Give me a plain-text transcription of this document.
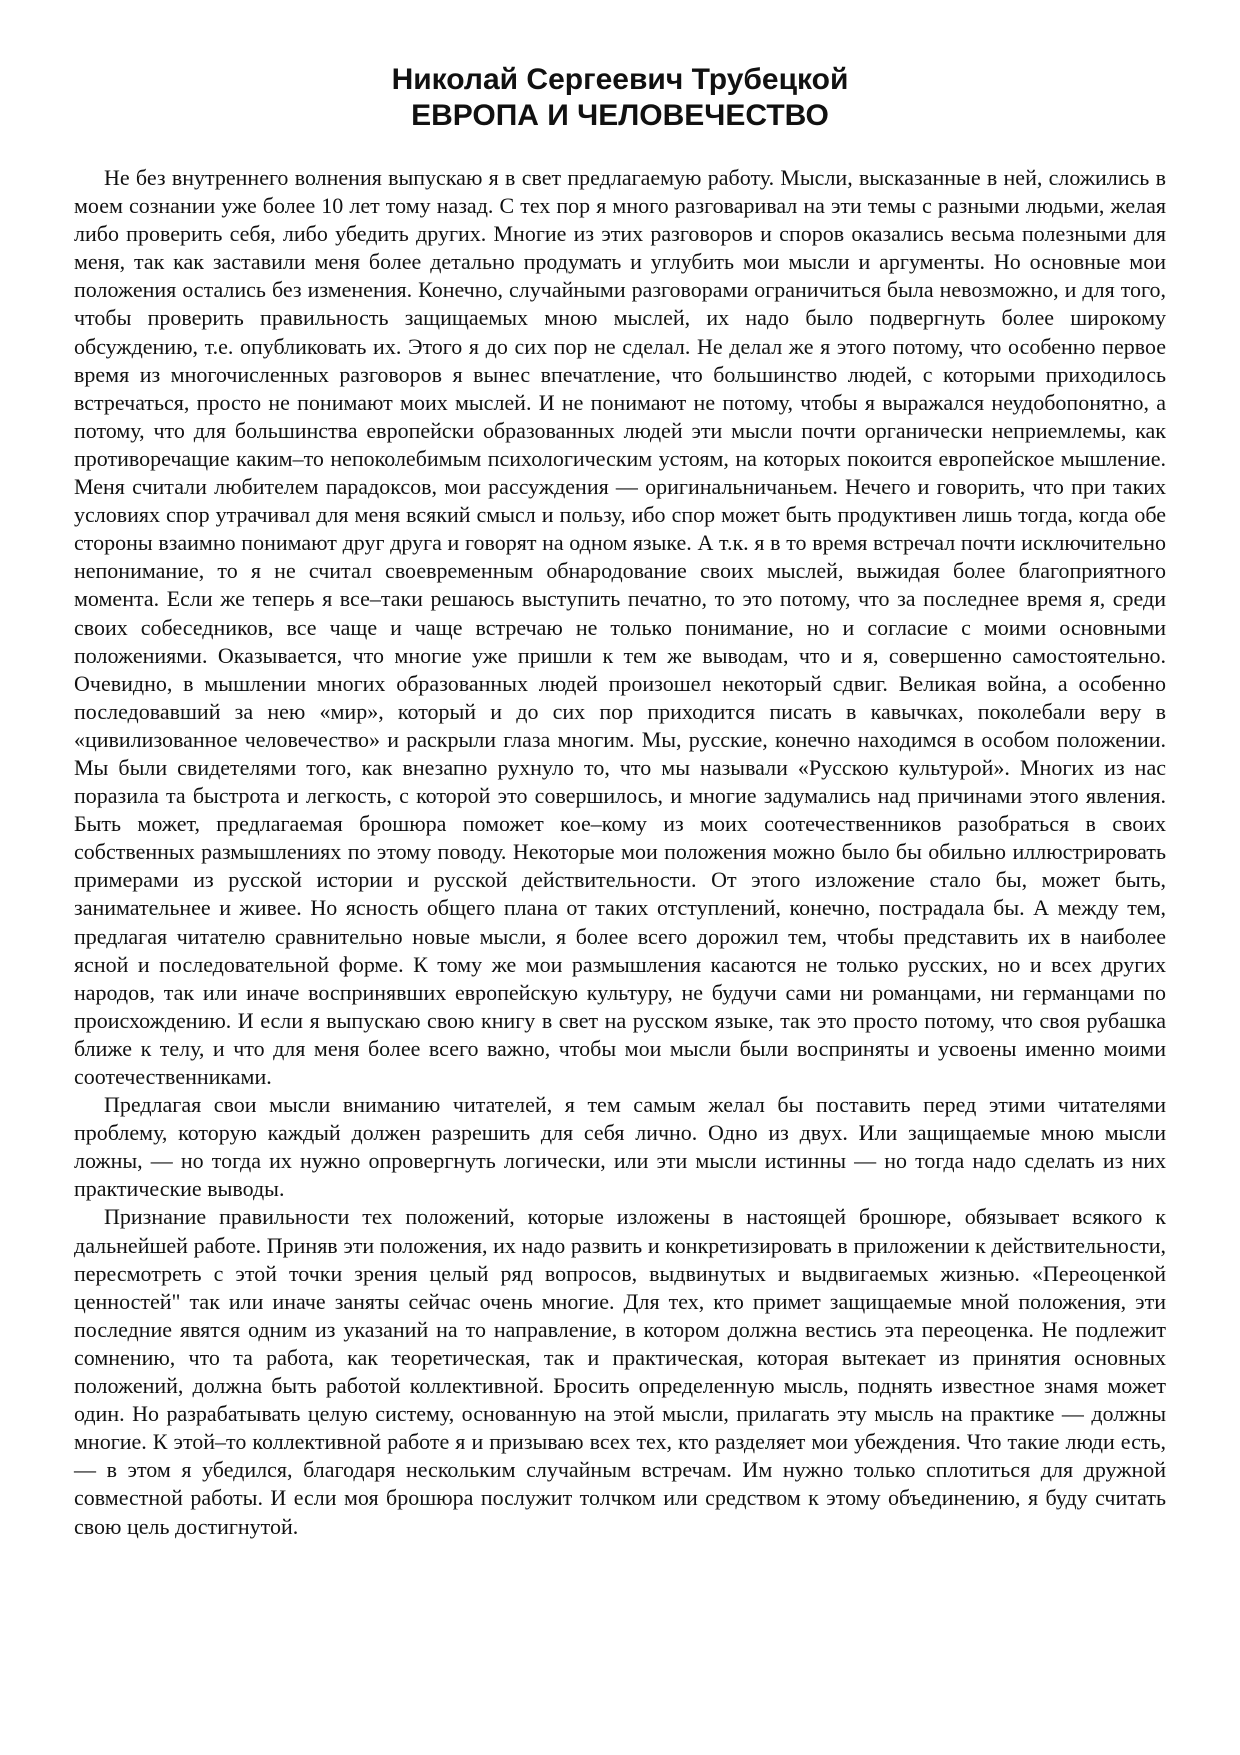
Николай Сергеевич Трубецкой
ЕВРОПА И ЧЕЛОВЕЧЕСТВО

Не без внутреннего волнения выпускаю я в свет предлагаемую работу. Мысли, высказанные в ней, сложились в моем сознании уже более 10 лет тому назад. С тех пор я много разговаривал на эти темы с разными людьми, желая либо проверить себя, либо убедить других. Многие из этих разговоров и споров оказались весьма полезными для меня, так как заставили меня более детально продумать и углубить мои мысли и аргументы. Но основные мои положения остались без изменения. Конечно, случайными разговорами ограничиться была невозможно, и для того, чтобы проверить правильность защищаемых мною мыслей, их надо было подвергнуть более широкому обсуждению, т.е. опубликовать их. Этого я до сих пор не сделал. Не делал же я этого потому, что особенно первое время из многочисленных разговоров я вынес впечатление, что большинство людей, с которыми приходилось встречаться, просто не понимают моих мыслей. И не понимают не потому, чтобы я выражался неудобопонятно, а потому, что для большинства европейски образованных людей эти мысли почти органически неприемлемы, как противоречащие каким–то непоколебимым психологическим устоям, на которых покоится европейское мышление. Меня считали любителем парадоксов, мои рассуждения — оригинальничаньем. Нечего и говорить, что при таких условиях спор утрачивал для меня всякий смысл и пользу, ибо спор может быть продуктивен лишь тогда, когда обе стороны взаимно понимают друг друга и говорят на одном языке. А т.к. я в то время встречал почти исключительно непонимание, то я не считал своевременным обнародование своих мыслей, выжидая более благоприятного момента. Если же теперь я все–таки решаюсь выступить печатно, то это потому, что за последнее время я, среди своих собеседников, все чаще и чаще встречаю не только понимание, но и согласие с моими основными положениями. Оказывается, что многие уже пришли к тем же выводам, что и я, совершенно самостоятельно. Очевидно, в мышлении многих образованных людей произошел некоторый сдвиг. Великая война, а особенно последовавший за нею «мир», который и до сих пор приходится писать в кавычках, поколебали веру в «цивилизованное человечество» и раскрыли глаза многим. Мы, русские, конечно находимся в особом положении. Мы были свидетелями того, как внезапно рухнуло то, что мы называли «Русскою культурой». Многих из нас поразила та быстрота и легкость, с которой это совершилось, и многие задумались над причинами этого явления. Быть может, предлагаемая брошюра поможет кое–кому из моих соотечественников разобраться в своих собственных размышлениях по этому поводу. Некоторые мои положения можно было бы обильно иллюстрировать примерами из русской истории и русской действительности. От этого изложение стало бы, может быть, занимательнее и живее. Но ясность общего плана от таких отступлений, конечно, пострадала бы. А между тем, предлагая читателю сравнительно новые мысли, я более всего дорожил тем, чтобы представить их в наиболее ясной и последовательной форме. К тому же мои размышления касаются не только русских, но и всех других народов, так или иначе воспринявших европейскую культуру, не будучи сами ни романцами, ни германцами по происхождению. И если я выпускаю свою книгу в свет на русском языке, так это просто потому, что своя рубашка ближе к телу, и что для меня более всего важно, чтобы мои мысли были восприняты и усвоены именно моими соотечественниками.

Предлагая свои мысли вниманию читателей, я тем самым желал бы поставить перед этими читателями проблему, которую каждый должен разрешить для себя лично. Одно из двух. Или защищаемые мною мысли ложны, — но тогда их нужно опровергнуть логически, или эти мысли истинны — но тогда надо сделать из них практические выводы.

Признание правильности тех положений, которые изложены в настоящей брошюре, обязывает всякого к дальнейшей работе. Приняв эти положения, их надо развить и конкретизировать в приложении к действительности, пересмотреть с этой точки зрения целый ряд вопросов, выдвинутых и выдвигаемых жизнью. «Переоценкой ценностей" так или иначе заняты сейчас очень многие. Для тех, кто примет защищаемые мной положения, эти последние явятся одним из указаний на то направление, в котором должна вестись эта переоценка. Не подлежит сомнению, что та работа, как теоретическая, так и практическая, которая вытекает из принятия основных положений, должна быть работой коллективной. Бросить определенную мысль, поднять известное знамя может один. Но разрабатывать целую систему, основанную на этой мысли, прилагать эту мысль на практике — должны многие. К этой–то коллективной работе я и призываю всех тех, кто разделяет мои убеждения. Что такие люди есть, — в этом я убедился, благодаря нескольким случайным встречам. Им нужно только сплотиться для дружной совместной работы. И если моя брошюра послужит толчком или средством к этому объединению, я буду считать свою цель достигнутой.
